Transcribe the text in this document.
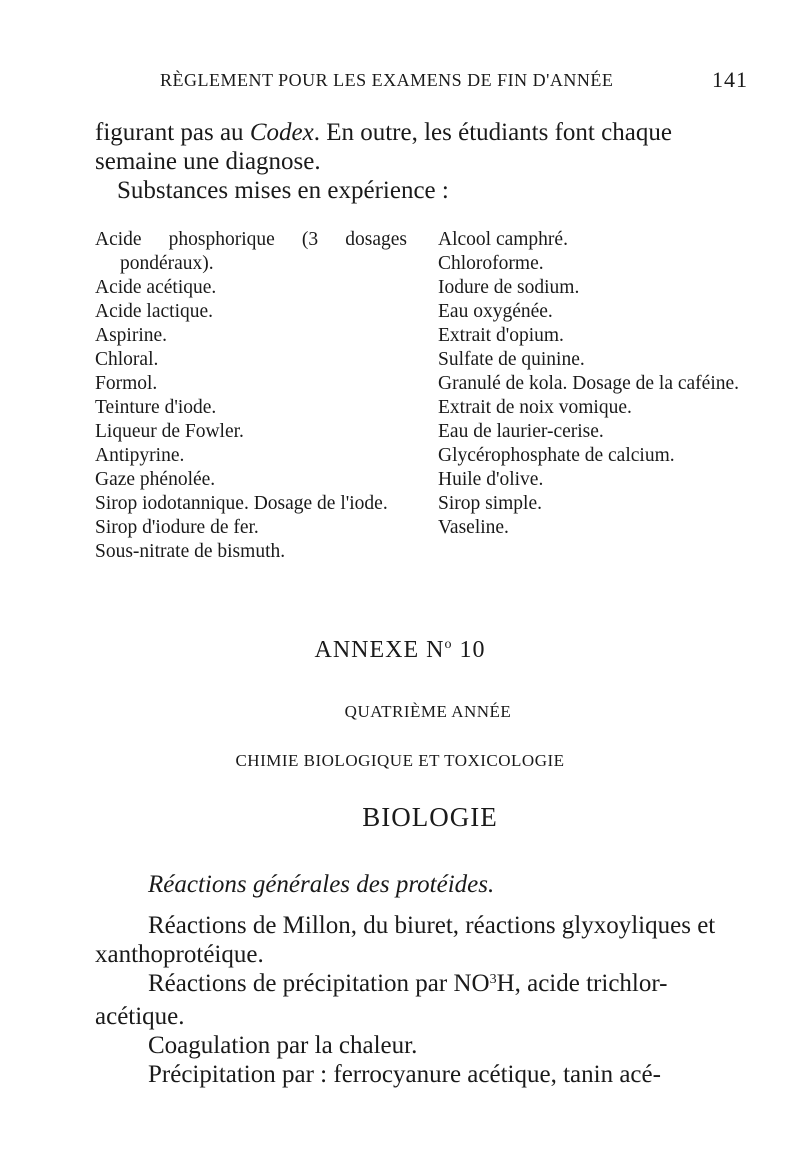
RÈGLEMENT POUR LES EXAMENS DE FIN D'ANNÉE	141

figurant pas au Codex. En outre, les étudiants font chaque semaine une diagnose.

Substances mises en expérience :

Acide phosphorique (3 dosages pondéraux).
Acide acétique.
Acide lactique.
Aspirine.
Chloral.
Formol.
Teinture d'iode.
Liqueur de Fowler.
Antipyrine.
Gaze phénolée.
Sirop iodotannique. Dosage de l'iode.
Sirop d'iodure de fer.
Sous-nitrate de bismuth.
Alcool camphré.
Chloroforme.
Iodure de sodium.
Eau oxygénée.
Extrait d'opium.
Sulfate de quinine.
Granulé de kola. Dosage de la caféine.
Extrait de noix vomique.
Eau de laurier-cerise.
Glycérophosphate de calcium.
Huile d'olive.
Sirop simple.
Vaseline.
ANNEXE $N^o$ 10
QUATRIÈME ANNÉE
CHIMIE BIOLOGIQUE ET TOXICOLOGIE
BIOLOGIE

Réactions générales des protéides.

Réactions de Millon, du biuret, réactions glyxoyliques et xanthoprotéique.

Réactions de précipitation par $NO^3H$, acide trichlor-acétique.

Coagulation par la chaleur.

Précipitation par : ferrocyanure acétique, tanin acé-
